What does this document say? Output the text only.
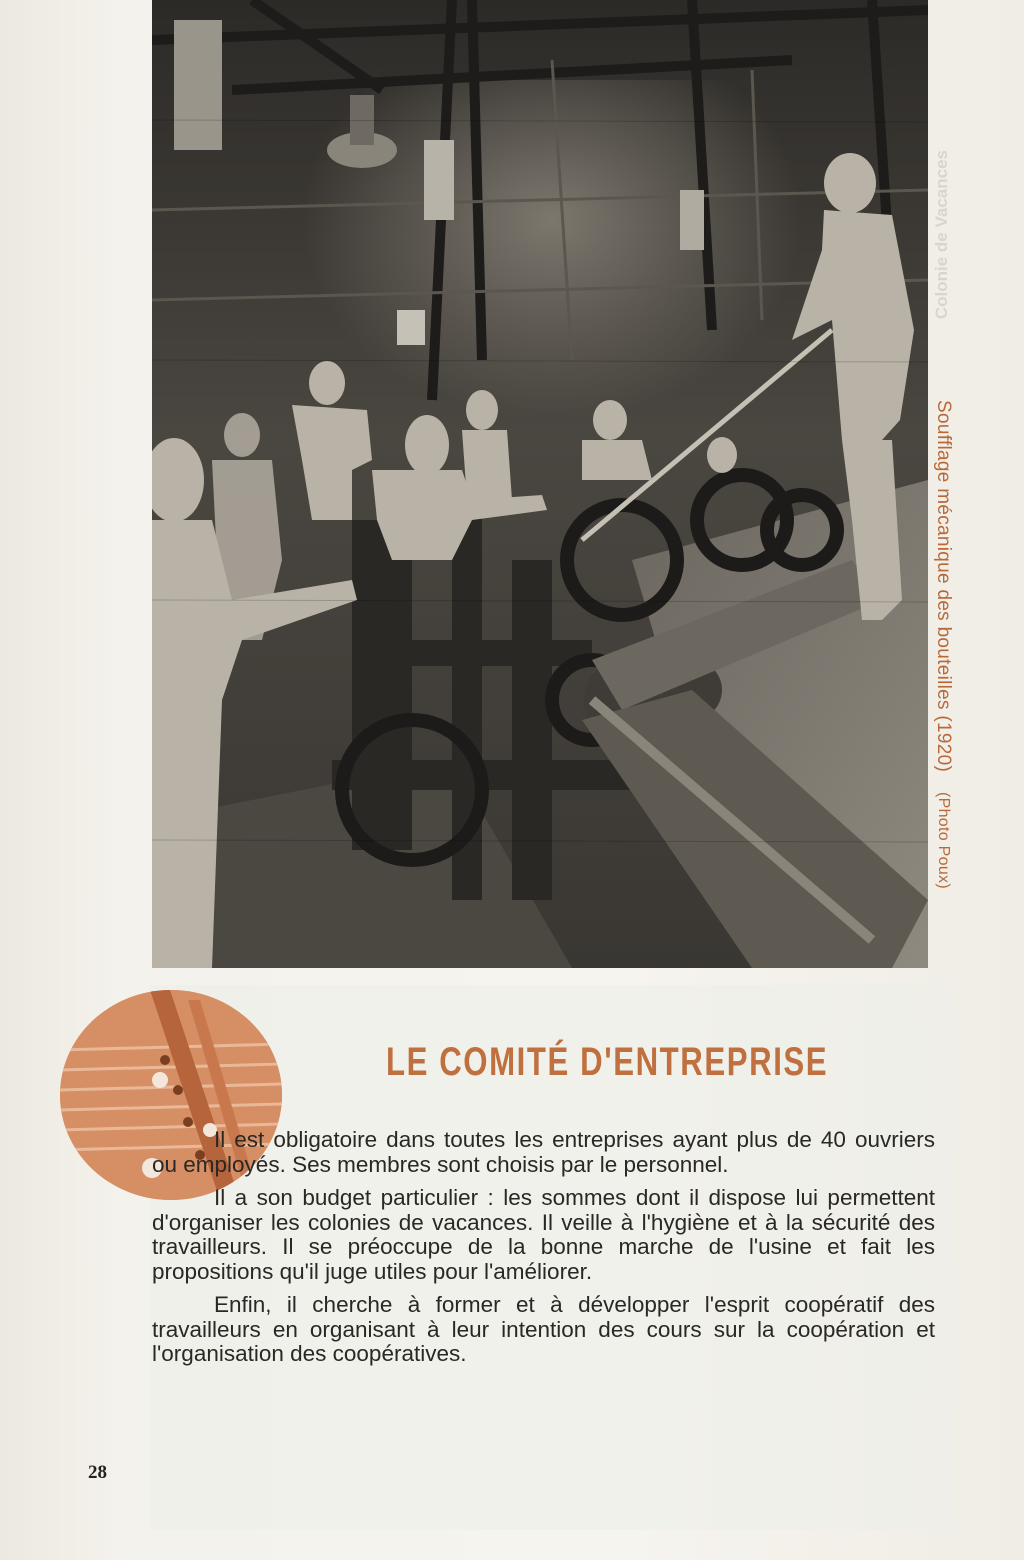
Colonie de Vacances
Soufflage mécanique des bouteilles (1920) (Photo Poux)
LE COMITÉ D'ENTREPRISE

Il est obligatoire dans toutes les entreprises ayant plus de 40 ouvriers ou employés. Ses membres sont choisis par le personnel.

Il a son budget particulier : les sommes dont il dispose lui permettent d'organiser les colonies de vacances. Il veille à l'hygiène et à la sécurité des travailleurs. Il se préoccupe de la bonne marche de l'usine et fait les propositions qu'il juge utiles pour l'améliorer.

Enfin, il cherche à former et à développer l'esprit coopératif des travailleurs en organisant à leur intention des cours sur la coopération et l'organisation des coopératives.

28
